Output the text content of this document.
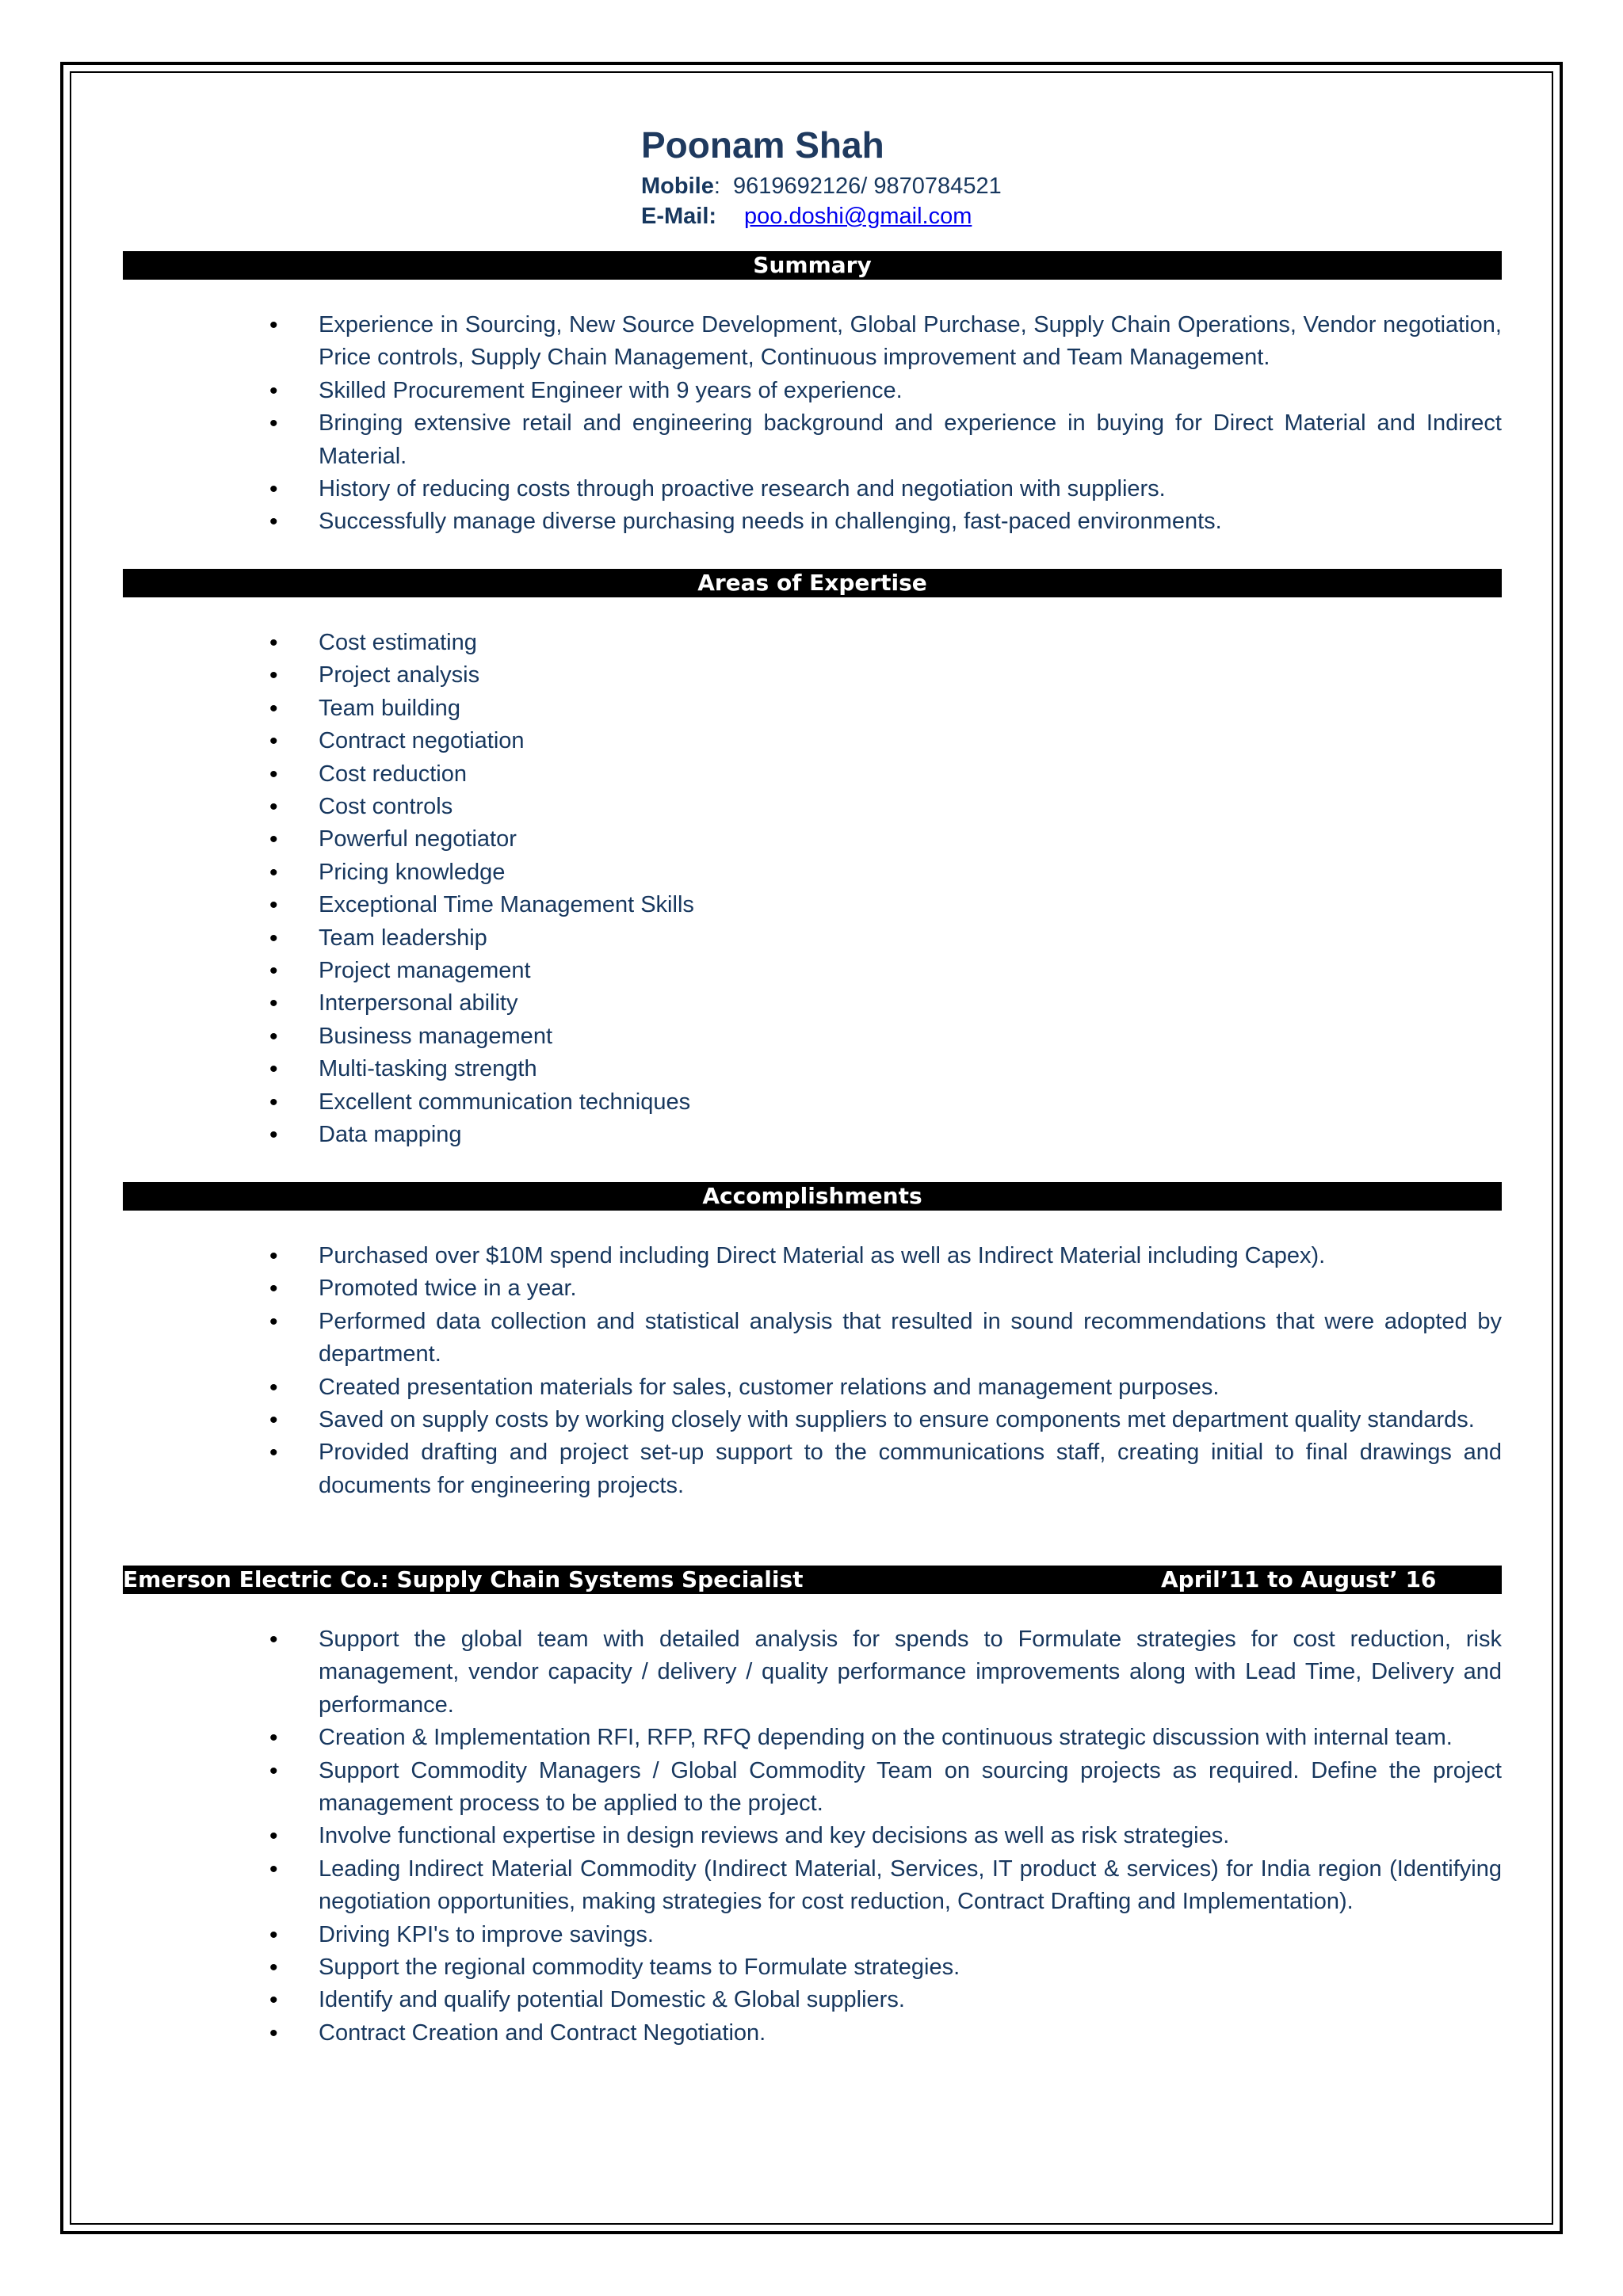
Poonam Shah
Mobile:  9619692126/ 9870784521
E-Mail: poo.doshi@gmail.com
Summary
• Experience in Sourcing, New Source Development, Global Purchase, Supply Chain Operations, Vendor negotiation, Price controls, Supply Chain Management, Continuous improvement and Team Management.
• Skilled Procurement Engineer with 9 years of experience.
• Bringing extensive retail and engineering background and experience in buying for Direct Material and Indirect Material.
• History of reducing costs through proactive research and negotiation with suppliers.
• Successfully manage diverse purchasing needs in challenging, fast-paced environments.
Areas of Expertise
• Cost estimating
• Project analysis
• Team building
• Contract negotiation
• Cost reduction
• Cost controls
• Powerful negotiator
• Pricing knowledge
• Exceptional Time Management Skills
• Team leadership
• Project management
• Interpersonal ability
• Business management
• Multi-tasking strength
• Excellent communication techniques
• Data mapping
Accomplishments
• Purchased over $10M spend including Direct Material as well as Indirect Material including Capex).
• Promoted twice in a year.
• Performed data collection and statistical analysis that resulted in sound recommendations that were adopted by department.
• Created presentation materials for sales, customer relations and management purposes.
• Saved on supply costs by working closely with suppliers to ensure components met department quality standards.
• Provided drafting and project set-up support to the communications staff, creating initial to final drawings and documents for engineering projects.
Emerson Electric Co.: Supply Chain Systems Specialist	April’11 to August’ 16
• Support the global team with detailed analysis for spends to Formulate strategies for cost reduction, risk management, vendor capacity / delivery / quality performance improvements along with Lead Time, Delivery and performance.
• Creation & Implementation RFI, RFP, RFQ depending on the continuous strategic discussion with internal team.
• Support Commodity Managers / Global Commodity Team on sourcing projects as required. Define the project management process to be applied to the project.
• Involve functional expertise in design reviews and key decisions as well as risk strategies.
• Leading Indirect Material Commodity (Indirect Material, Services, IT product & services) for India region (Identifying negotiation opportunities, making strategies for cost reduction, Contract Drafting and Implementation).
• Driving KPI's to improve savings.
• Support the regional commodity teams to Formulate strategies.
• Identify and qualify potential Domestic & Global suppliers.
• Contract Creation and Contract Negotiation.
